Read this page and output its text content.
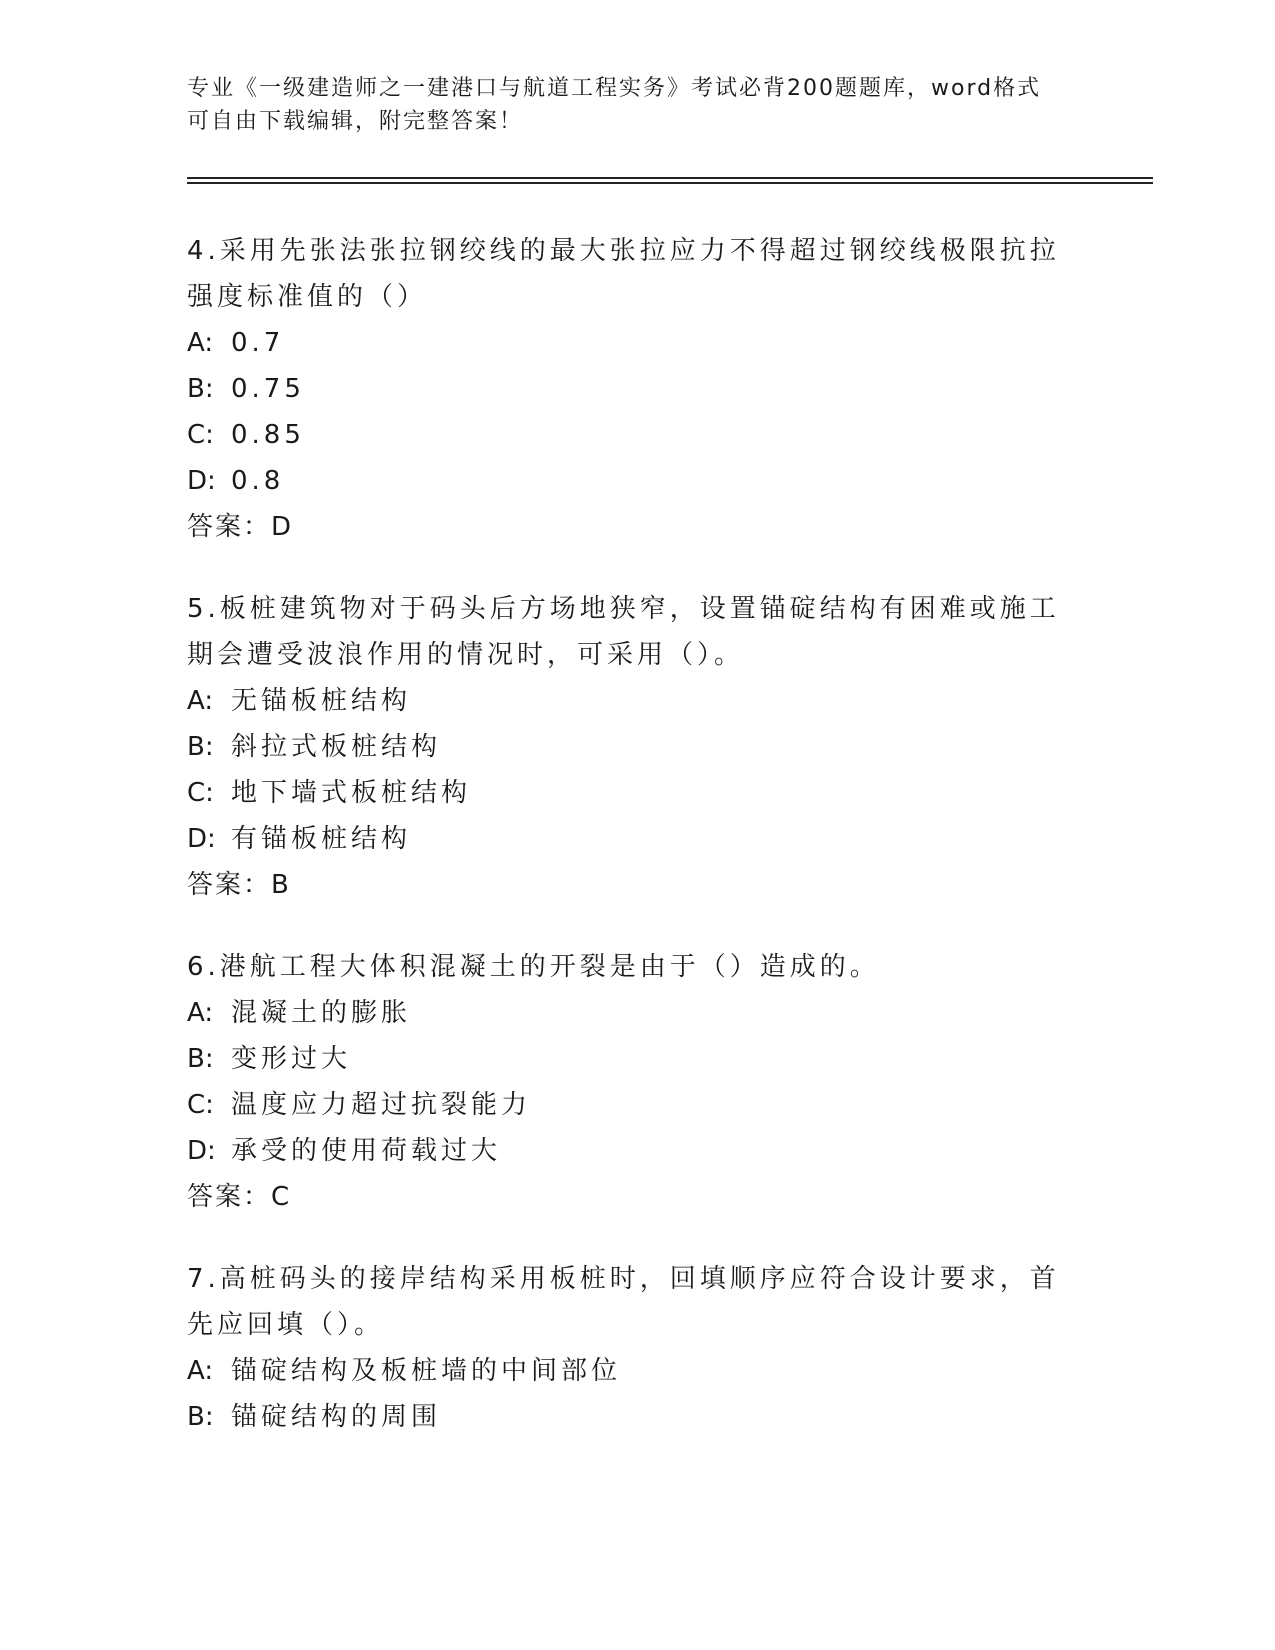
专业《一级建造师之一建港口与航道工程实务》考试必背200题题库，word格式
可自由下载编辑，附完整答案！
4.采用先张法张拉钢绞线的最大张拉应力不得超过钢绞线极限抗拉强度标准值的（）
A: 0.7
B: 0.75
C: 0.85
D: 0.8
答案：D
5.板桩建筑物对于码头后方场地狭窄，设置锚碇结构有困难或施工期会遭受波浪作用的情况时，可采用（）。
A: 无锚板桩结构
B: 斜拉式板桩结构
C: 地下墙式板桩结构
D: 有锚板桩结构
答案：B
6.港航工程大体积混凝土的开裂是由于（）造成的。
A: 混凝土的膨胀
B: 变形过大
C: 温度应力超过抗裂能力
D: 承受的使用荷载过大
答案：C
7.高桩码头的接岸结构采用板桩时，回填顺序应符合设计要求，首先应回填（）。
A: 锚碇结构及板桩墙的中间部位
B: 锚碇结构的周围
